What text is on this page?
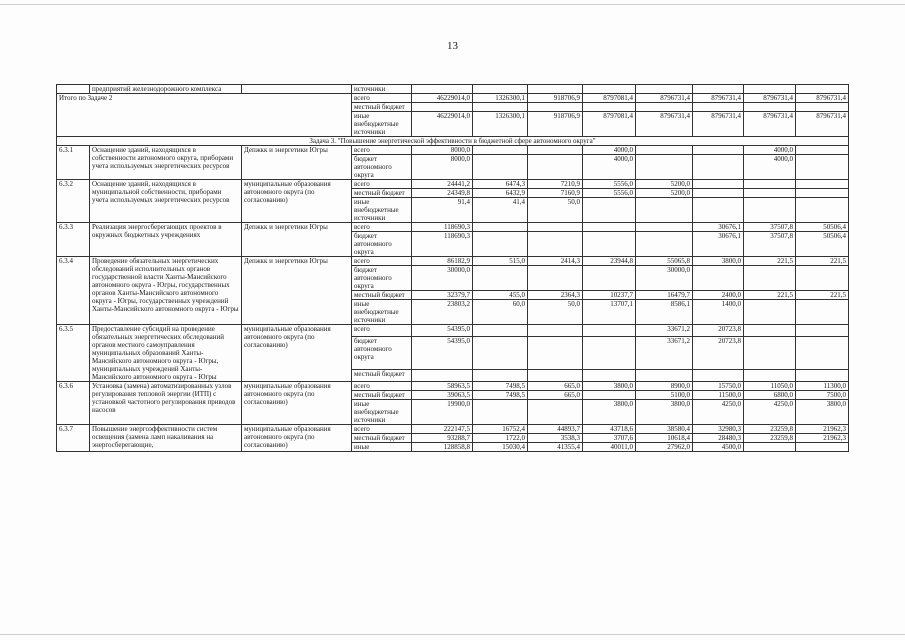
13
	предприятий железнодорожного комплекса		источники								
Итого по Задаче 2			всего	46229014,0	1326300,1	918706,9	8797081,4	8796731,4	8796731,4	8796731,4	8796731,4
			местный бюджет								
			иные внебюджетные источники	46229014,0	1326300,1	918706,9	8797081,4	8796731,4	8796731,4	8796731,4	8796731,4
Задача 3. "Повышение энергетической эффективности в бюджетной сфере автономного округа"											
6.3.1	Оснащение зданий, находящихся в собственности автономного округа, приборами учета используемых энергетических ресурсов	Депжкк и энергетики Югры	всего	8000,0			4000,0			4000,0	
			бюджет автономного округа	8000,0			4000,0			4000,0	
6.3.2	Оснащение зданий, находящихся в муниципальной собственности, приборами учета используемых энергетических ресурсов	муниципальные образования автономного округа (по согласованию)	всего	24441,2	6474,3	7210,9	5556,0	5200,0			
			местный бюджет	24349,8	6432,9	7160,9	5556,0	5200,0			
			иные внебюджетные источники	91,4	41,4	50,0					
6.3.3	Реализация энергосберегающих проектов в окружных бюджетных учреждениях	Депжкк и энергетики Югры	всего	118690,3					30676,1	37507,8	50506,4
			бюджет автономного округа	118690,3					30676,1	37507,8	50506,4
6.3.4	Проведение обязательных энергетических обследований исполнительных органов государственной власти Ханты-Мансийского автономного округа - Югры, государственных органов Ханты-Мансийского автономного округа - Югры, государственных учреждений Ханты-Мансийского автономного округа - Югры	Депжкк и энергетики Югры	всего	86182,9	515,0	2414,3	23944,8	55065,8	3800,0	221,5	221,5
			бюджет автономного округа	30000,0				30000,0			
			местный бюджет	32379,7	455,0	2364,3	10237,7	16479,7	2400,0	221,5	221,5
			иные внебюджетные источники	23803,2	60,0	50,0	13707,1	8586,1	1400,0		
6.3.5	Предоставление субсидий на проведение обязательных энергетических обследований органов местного самоуправления муниципальных образований Ханты-Мансийского автономного округа - Югры, муниципальных учреждений Ханты-Мансийского автономного округа - Югры	муниципальные образования автономного округа (по согласованию)	всего	54395,0				33671,2	20723,8		
			бюджет автономного округа	54395,0				33671,2	20723,8		
			местный бюджет								
6.3.6	Установка (замена) автоматизированных узлов регулирования тепловой энергии (ИТП) с установкой частотного регулирования приводов насосов	муниципальные образования автономного округа (по согласованию)	всего	58963,5	7498,5	665,0	3800,0	8900,0	15750,0	11050,0	11300,0
			местный бюджет	39063,5	7498,5	665,0		5100,0	11500,0	6800,0	7500,0
			иные внебюджетные источники	19900,0			3800,0	3800,0	4250,0	4250,0	3800,0
6.3.7	Повышение энергоэффективности систем освещения (замена ламп накаливания на энергосберегающие,	муниципальные образования автономного округа (по согласованию)	всего	222147,5	16752,4	44893,7	43718,6	38580,4	32980,3	23259,8	21962,3
			местный бюджет	93288,7	1722,0	3538,3	3707,6	10618,4	28480,3	23259,8	21962,3
			иные	128858,8	15030,4	41355,4	40011,0	27962,0	4500,0		
